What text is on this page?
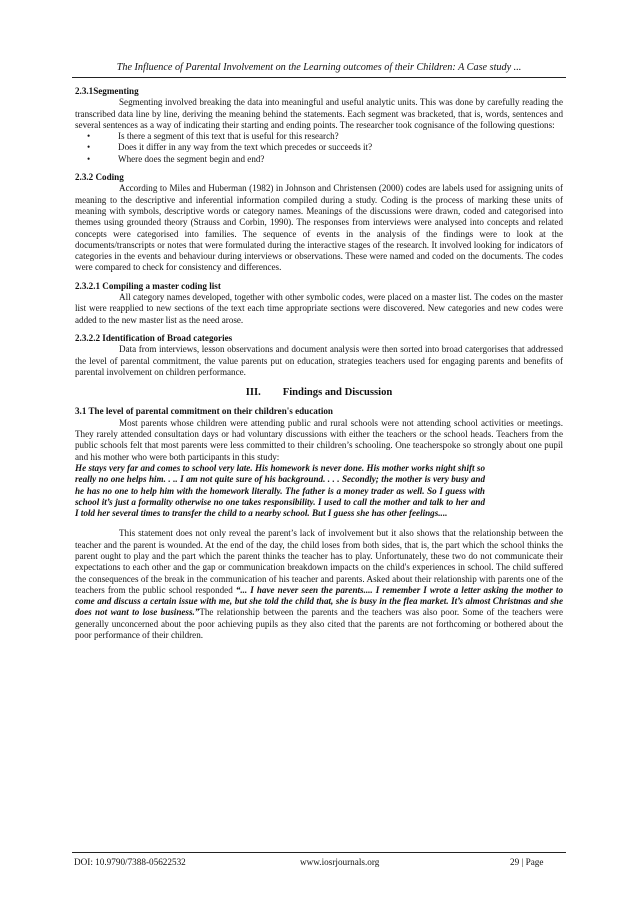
The Influence of Parental Involvement on the Learning outcomes of their Children: A Case study ...

2.3.1Segmenting

Segmenting involved breaking the data into meaningful and useful analytic units. This was done by carefully reading the transcribed data line by line, deriving the meaning behind the statements. Each segment was bracketed, that is, words, sentences and several sentences as a way of indicating their starting and ending points. The researcher took cognisance of the following questions:

•	Is there a segment of this text that is useful for this research?
•	Does it differ in any way from the text which precedes or succeeds it?
•	Where does the segment begin and end?

2.3.2 Coding

According to Miles and Huberman (1982) in Johnson and Christensen (2000) codes are labels used for assigning units of meaning to the descriptive and inferential information compiled during a study. Coding is the process of marking these units of meaning with symbols, descriptive words or category names. Meanings of the discussions were drawn, coded and categorised into themes using grounded theory (Strauss and Corbin, 1990). The responses from interviews were analysed into concepts and related concepts were categorised into families. The sequence of events in the analysis of the findings were to look at the documents/transcripts or notes that were formulated during the interactive stages of the research. It involved looking for indicators of categories in the events and behaviour during interviews or observations. These were named and coded on the documents. The codes were compared to check for consistency and differences.

2.3.2.1 Compiling a master coding list

All category names developed, together with other symbolic codes, were placed on a master list. The codes on the master list were reapplied to new sections of the text each time appropriate sections were discovered. New categories and new codes were added to the new master list as the need arose.

2.3.2.2 Identification of Broad categories

Data from interviews, lesson observations and document analysis were then sorted into broad catergorises that addressed the level of parental commitment, the value parents put on education, strategies teachers used for engaging parents and benefits of parental involvement on children performance.

III. Findings and Discussion

3.1 The level of parental commitment on their children's education

Most parents whose children were attending public and rural schools were not attending school activities or meetings. They rarely attended consultation days or had voluntary discussions with either the teachers or the school heads. Teachers from the public schools felt that most parents were less committed to their children’s schooling. One teacherspoke so strongly about one pupil and his mother who were both participants in this study:

He stays very far and comes to school very late. His homework is never done. His mother works night shift so really no one helps him. . .. I am not quite sure of his background. . . . Secondly; the mother is very busy and he has no one to help him with the homework literally. The father is a money trader as well. So I guess with school it’s just a formality otherwise no one takes responsibility. I used to call the mother and talk to her and I told her several times to transfer the child to a nearby school. But I guess she has other feelings....

This statement does not only reveal the parent’s lack of involvement but it also shows that the relationship between the teacher and the parent is wounded. At the end of the day, the child loses from both sides, that is, the part which the school thinks the parent ought to play and the part which the parent thinks the teacher has to play. Unfortunately, these two do not communicate their expectations to each other and the gap or communication breakdown impacts on the child's experiences in school. The child suffered the consequences of the break in the communication of his teacher and parents. Asked about their relationship with parents one of the teachers from the public school responded “... I have never seen the parents.... I remember I wrote a letter asking the mother to come and discuss a certain issue with me, but she told the child that, she is busy in the flea market. It’s almost Christmas and she does not want to lose business.”The relationship between the parents and the teachers was also poor. Some of the teachers were generally unconcerned about the poor achieving pupils as they also cited that the parents are not forthcoming or bothered about the poor performance of their children.

DOI: 10.9790/7388-05622532	www.iosrjournals.org	29 | Page
